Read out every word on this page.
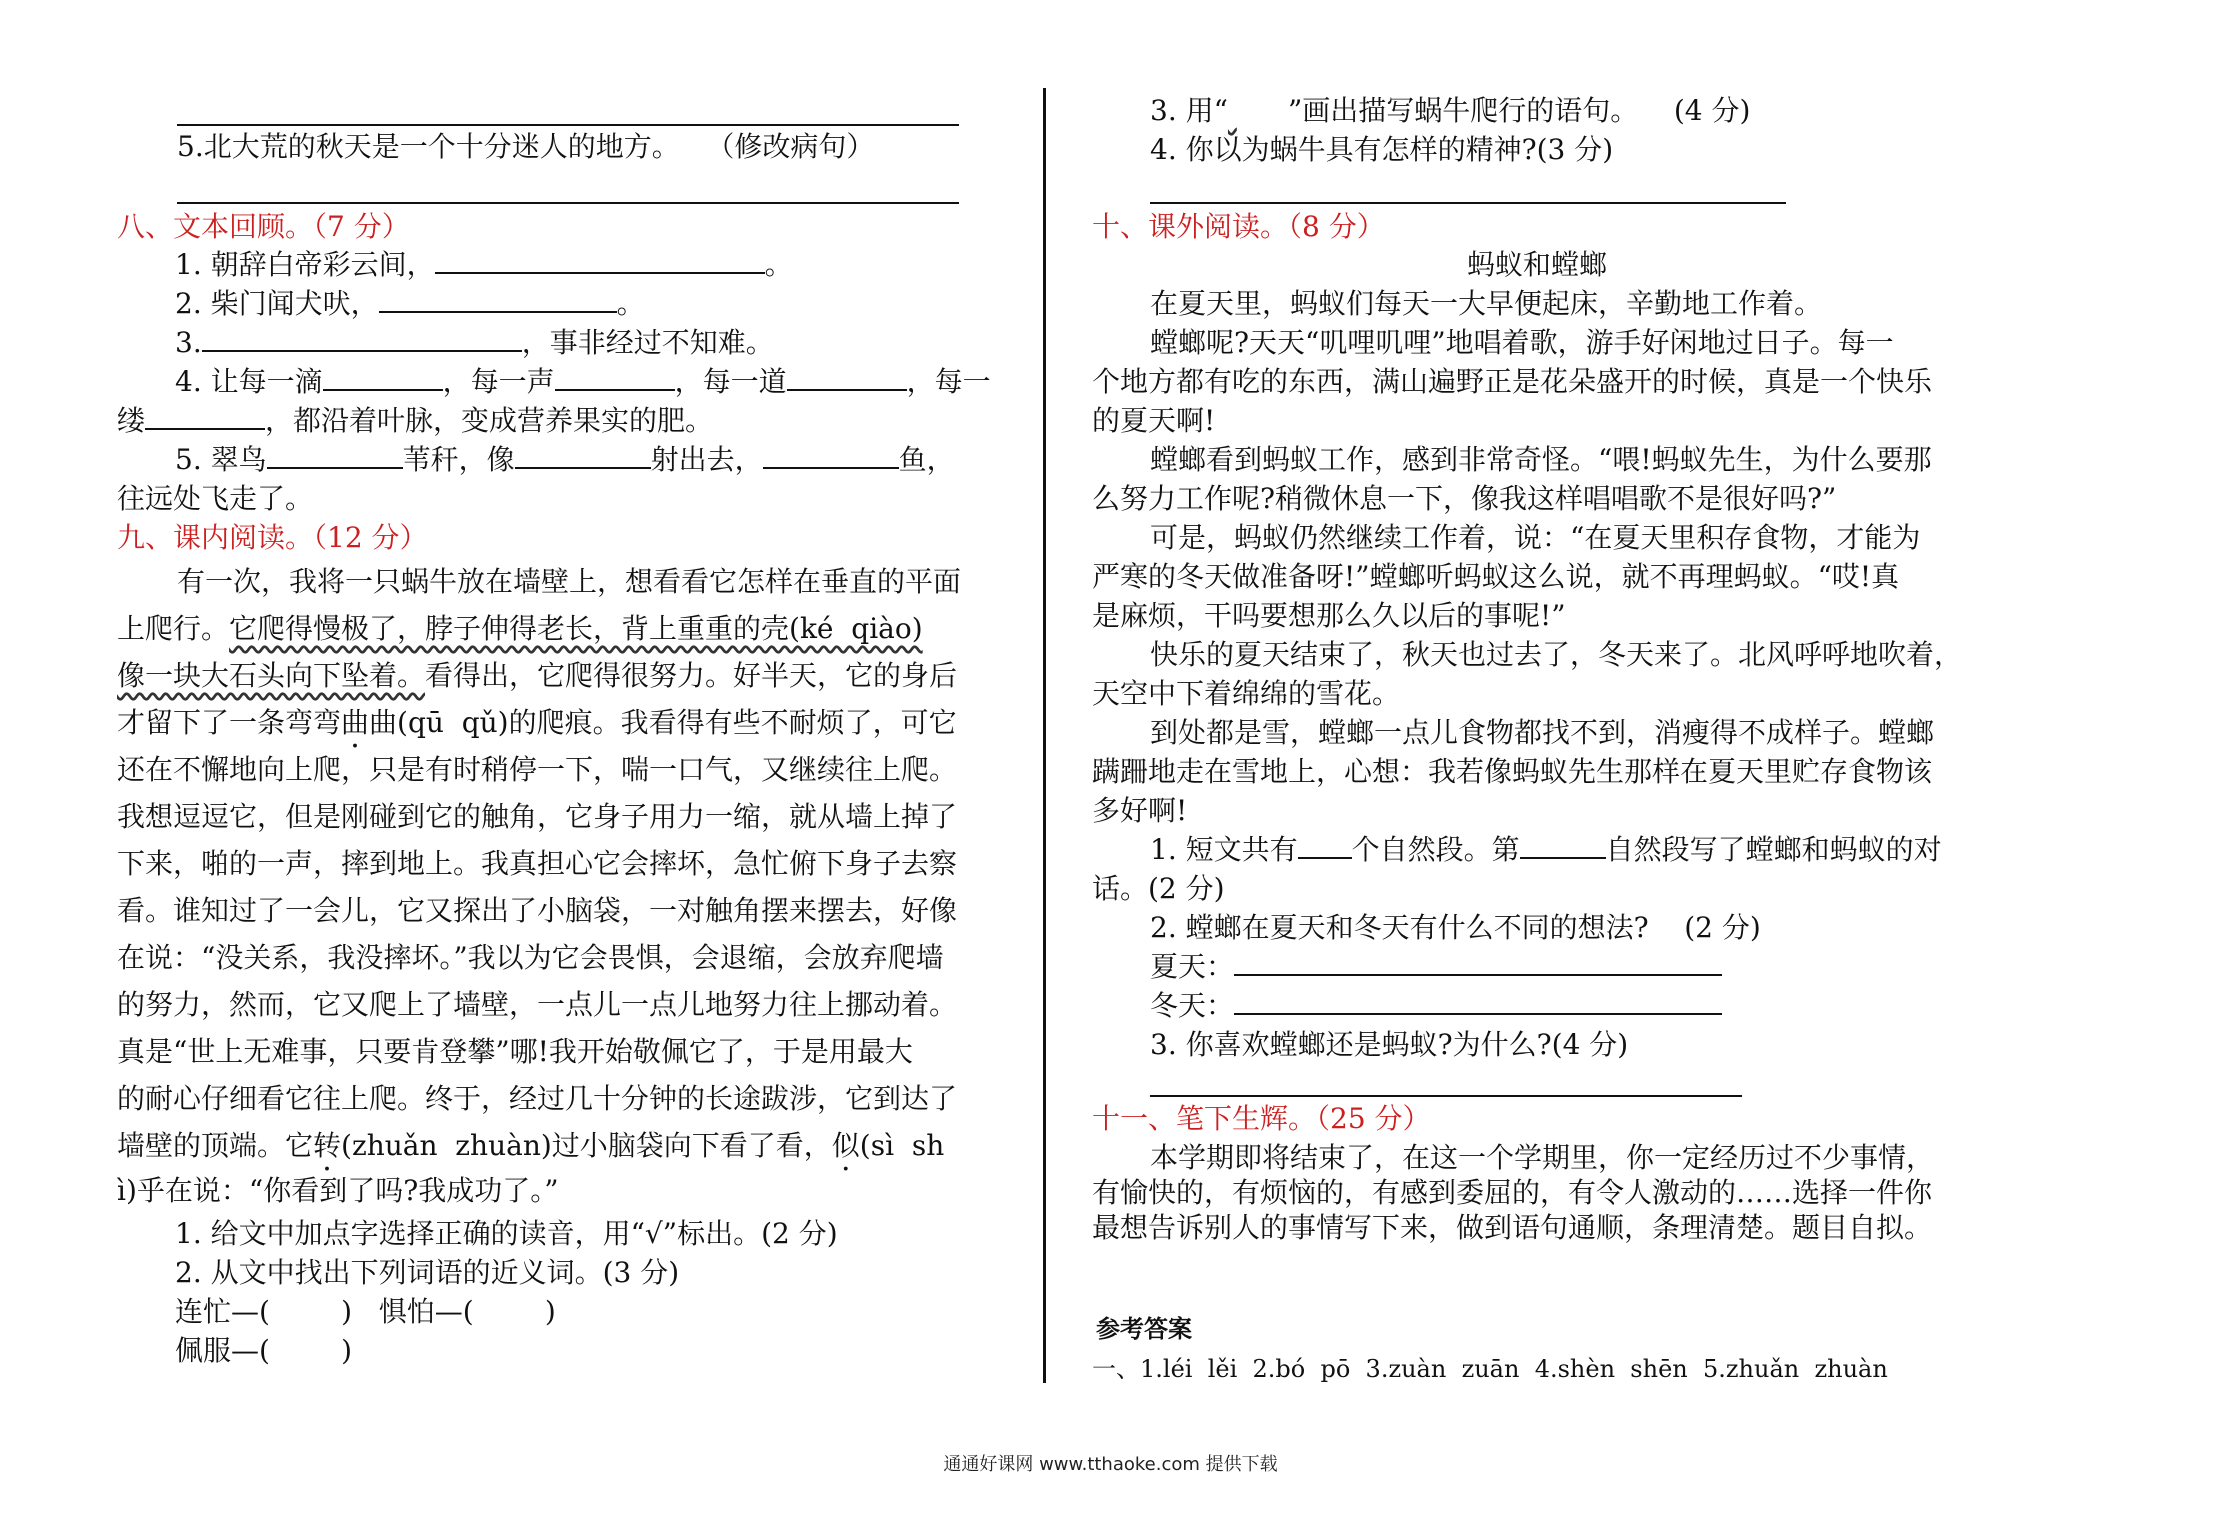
5.北大荒的秋天是一个十分迷人的地方。   （修改病句）
八、文本回顾。（7 分）
1. 朝辞白帝彩云间，	。
2. 柴门闻犬吠，	。
3.	，事非经过不知难。
4. 让每一滴	，每一声	，每一道	，每一
缕	，都沿着叶脉，变成营养果实的肥。
5. 翠鸟	苇秆，像	射出去，	鱼，
往远处飞走了。
九、课内阅读。（12 分）
有一次，我将一只蜗牛放在墙壁上，想看看它怎样在垂直的平面
上爬行。它爬得慢极了，脖子伸得老长，背上重重的壳(ké  qiào)
像一块大石头向下坠着。看得出，它爬得很努力。好半天，它的身后
才留下了一条弯弯曲曲(qū  qǔ)的爬痕。我看得有些不耐烦了，可它
还在不懈地向上爬，只是有时稍停一下，喘一口气，又继续往上爬。
我想逗逗它，但是刚碰到它的触角，它身子用力一缩，就从墙上掉了
下来，啪的一声，摔到地上。我真担心它会摔坏，急忙俯下身子去察
看。谁知过了一会儿，它又探出了小脑袋，一对触角摆来摆去，好像
在说：“没关系，我没摔坏。”我以为它会畏惧，会退缩，会放弃爬墙
的努力，然而，它又爬上了墙壁，一点儿一点儿地努力往上挪动着。
真是“世上无难事，只要肯登攀”哪!我开始敬佩它了，于是用最大
的耐心仔细看它往上爬。终于，经过几十分钟的长途跋涉，它到达了
墙壁的顶端。它转(zhuǎn  zhuàn)过小脑袋向下看了看，似(sì  sh
ì)乎在说：“你看到了吗?我成功了。”
1. 给文中加点字选择正确的读音，用“√”标出。(2 分)
2. 从文中找出下列词语的近义词。(3 分)
连忙—(        )   惧怕—(        )
佩服—(        )
3. 用“ ”画出描写蜗牛爬行的语句。    (4 分)
4. 你以为蜗牛具有怎样的精神?(3 分)
十、课外阅读。（8 分）
蚂蚁和螳螂
在夏天里，蚂蚁们每天一大早便起床，辛勤地工作着。
螳螂呢?天天“叽哩叽哩”地唱着歌，游手好闲地过日子。每一
个地方都有吃的东西，满山遍野正是花朵盛开的时候，真是一个快乐
的夏天啊!
螳螂看到蚂蚁工作，感到非常奇怪。“喂!蚂蚁先生，为什么要那
么努力工作呢?稍微休息一下，像我这样唱唱歌不是很好吗?”
可是，蚂蚁仍然继续工作着，说：“在夏天里积存食物，才能为
严寒的冬天做准备呀!”螳螂听蚂蚁这么说，就不再理蚂蚁。“哎!真
是麻烦，干吗要想那么久以后的事呢!”
快乐的夏天结束了，秋天也过去了，冬天来了。北风呼呼地吹着，
天空中下着绵绵的雪花。
到处都是雪，螳螂一点儿食物都找不到，消瘦得不成样子。螳螂
蹒跚地走在雪地上，心想：我若像蚂蚁先生那样在夏天里贮存食物该
多好啊!
1. 短文共有 个自然段。第	自然段写了螳螂和蚂蚁的对
话。(2 分)
2. 螳螂在夏天和冬天有什么不同的想法?    (2 分)
夏天：
冬天：
3. 你喜欢螳螂还是蚂蚁?为什么?(4 分)
十一、笔下生辉。（25 分）
本学期即将结束了，在这一个学期里，你一定经历过不少事情，
有愉快的，有烦恼的，有感到委屈的，有令人激动的……选择一件你
最想告诉别人的事情写下来，做到语句通顺，条理清楚。题目自拟。
参考答案
一、1.léi  lěi  2.bó  pō  3.zuàn  zuān  4.shèn  shēn  5.zhuǎn  zhuàn
通通好课网 www.tthaoke.com 提供下载
